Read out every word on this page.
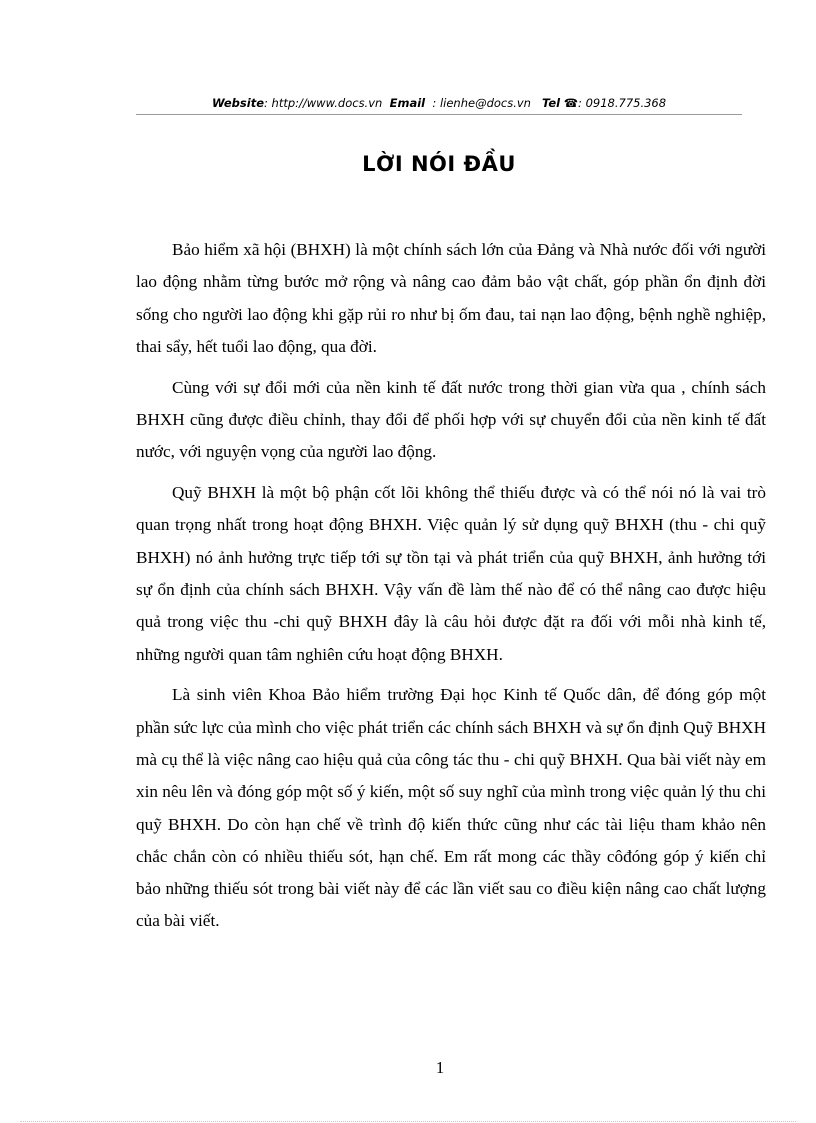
Website: http://www.docs.vn Email : lienhe@docs.vn Tel ☎: 0918.775.368
LỜI NÓI ĐẦU

Bảo hiểm xã hội (BHXH) là một chính sách lớn của Đảng và Nhà nước đối với người lao động nhằm từng bước mở rộng và nâng cao đảm bảo vật chất, góp phần ổn định đời sống cho người lao động khi gặp rủi ro như bị ốm đau, tai nạn lao động, bệnh nghề nghiệp, thai sẩy, hết tuổi lao động, qua đời.

Cùng với sự đổi mới của nền kinh tế đất nước trong thời gian vừa qua , chính sách BHXH cũng được điều chỉnh, thay đổi để phối hợp với sự chuyển đổi của nền kinh tế đất nước, với nguyện vọng của người lao động.

Quỹ BHXH là một bộ phận cốt lõi không thể thiếu được và có thể nói nó là vai trò quan trọng nhất trong hoạt động BHXH. Việc quản lý sử dụng quỹ BHXH (thu - chi quỹ BHXH) nó ảnh hưởng trực tiếp tới sự tồn tại và phát triển của quỹ BHXH, ảnh hưởng tới sự ổn định của chính sách BHXH. Vậy vấn đề làm thế nào để có thể nâng cao được hiệu quả trong việc thu -chi quỹ BHXH đây là câu hỏi được đặt ra đối với mỗi nhà kinh tế, những người quan tâm nghiên cứu hoạt động BHXH.

Là sinh viên Khoa Bảo hiểm trường Đại học Kinh tế Quốc dân, để đóng góp một phần sức lực của mình cho việc phát triển các chính sách BHXH và sự ổn định Quỹ BHXH mà cụ thể là việc nâng cao hiệu quả của công tác thu - chi quỹ BHXH. Qua bài viết này em xin nêu lên và đóng góp một số ý kiến, một số suy nghĩ của mình trong việc quản lý thu chi quỹ BHXH. Do còn hạn chế về trình độ kiến thức cũng như các tài liệu tham khảo nên chắc chắn còn có nhiều thiếu sót, hạn chế. Em rất mong các thầy côđóng góp ý kiến chỉ bảo những thiếu sót trong bài viết này để các lần viết sau co điều kiện nâng cao chất lượng của bài viết.

1
